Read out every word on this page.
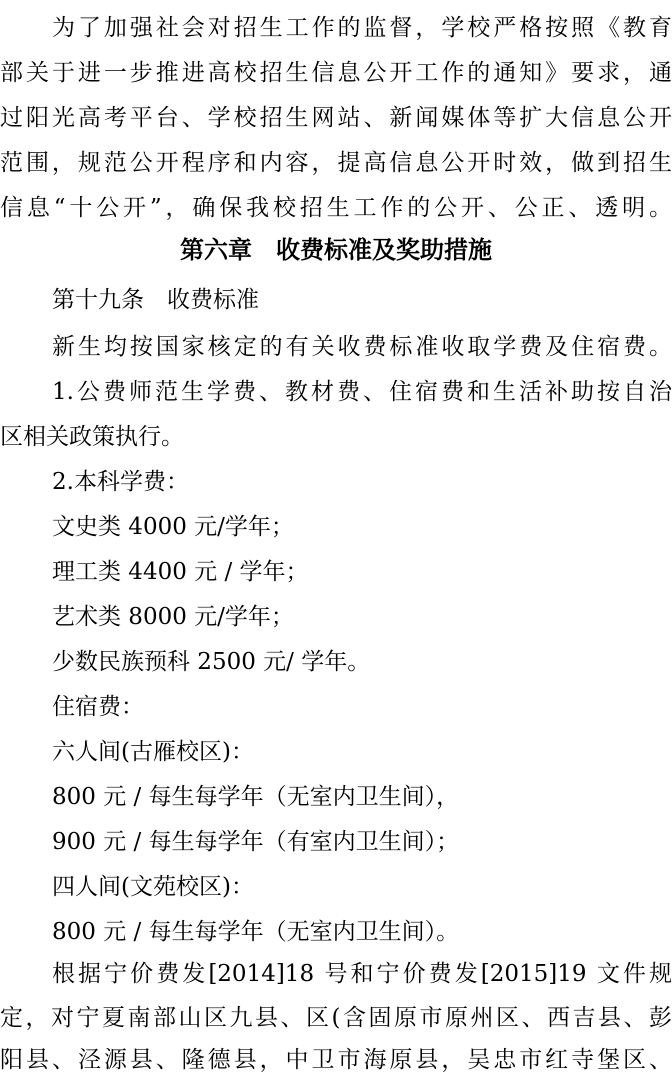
为了加强社会对招生工作的监督，学校严格按照《教育
部关于进一步推进高校招生信息公开工作的通知》要求，通
过阳光高考平台、学校招生网站、新闻媒体等扩大信息公开
范围，规范公开程序和内容，提高信息公开时效，做到招生
信息“十公开”，确保我校招生工作的公开、公正、透明。
第六章　收费标准及奖助措施
第十九条　收费标准
新生均按国家核定的有关收费标准收取学费及住宿费。
1.公费师范生学费、教材费、住宿费和生活补助按自治
区相关政策执行。
2.本科学费：
文史类 4000 元/学年；
理工类 4400 元 / 学年；
艺术类 8000 元/学年；
少数民族预科 2500 元/ 学年。
住宿费：
六人间(古雁校区)：
800 元 / 每生每学年（无室内卫生间），
900 元 / 每生每学年（有室内卫生间）；
四人间(文苑校区)：
800 元 / 每生每学年（无室内卫生间）。
根据宁价费发[2014]18 号和宁价费发[2015]19 文件规
定，对宁夏南部山区九县、区(含固原市原州区、西吉县、彭
阳县、泾源县、隆德县，中卫市海原县，吴忠市红寺堡区、
